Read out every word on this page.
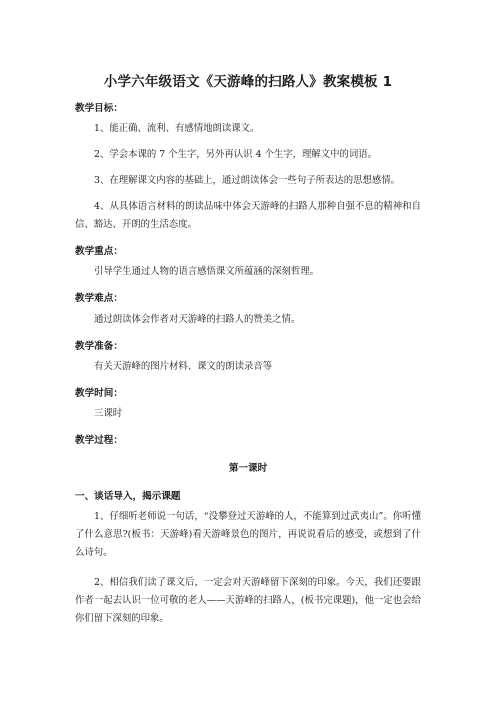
小学六年级语文《天游峰的扫路人》教案模板 1
教学目标：

1、能正确、流利、有感情地朗读课文。

2、学会本课的 7 个生字，另外再认识 4 个生字，理解文中的词语。

3、在理解课文内容的基础上，通过朗读体会一些句子所表达的思想感情。

4、从具体语言材料的朗读品味中体会天游峰的扫路人那种自强不息的精神和自信、豁达、开朗的生活态度。

教学重点：

引导学生通过人物的语言感悟课文所蕴涵的深刻哲理。

教学难点：

通过朗读体会作者对天游峰的扫路人的赞美之情。

教学准备：

有关天游峰的图片材料、课文的朗读录音等

教学时间：

三课时

教学过程：
第一课时
一、谈话导入，揭示课题

1、仔细听老师说一句话，“没攀登过天游峰的人，不能算到过武夷山”。你听懂了什么意思?(板书：天游峰)看天游峰景色的图片，再说说看后的感受，或想到了什么诗句。

2、相信我们读了课文后，一定会对天游峰留下深刻的印象。今天，我们还要跟作者一起去认识一位可敬的老人——天游峰的扫路人，(板书完课题)，他一定也会给你们留下深刻的印象。
